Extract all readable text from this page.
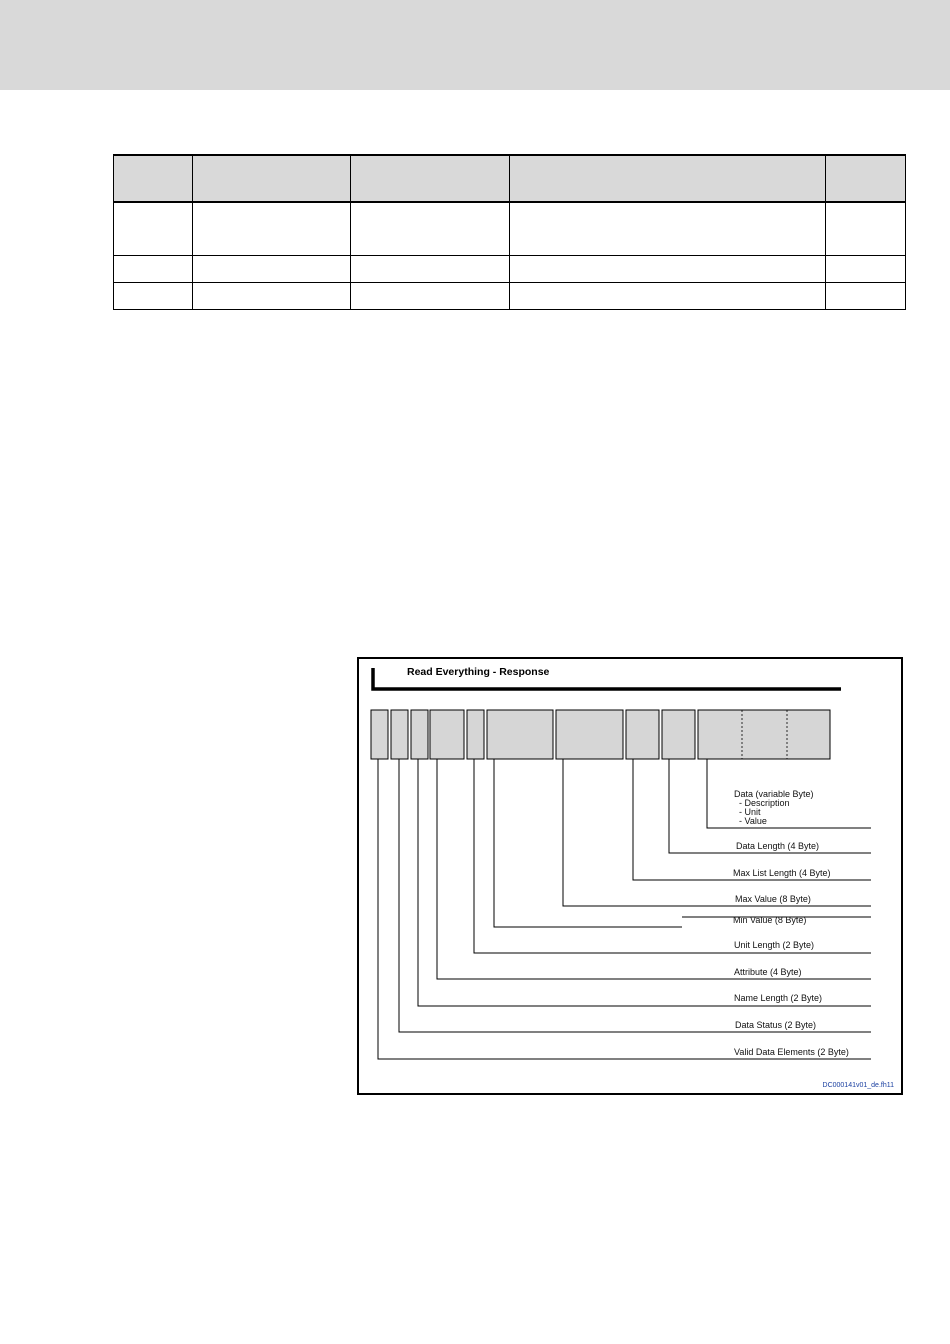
Read Everything - Response
Data (variable Byte)
- Description
- Unit
- Value
Data Length (4 Byte)
Max List Length (4 Byte)
Max Value (8 Byte)
Min Value (8 Byte)
Unit Length (2 Byte)
Attribute (4 Byte)
Name Length (2 Byte)
Data Status (2 Byte)
Valid Data Elements (2 Byte)
DC000141v01_de.fh11
